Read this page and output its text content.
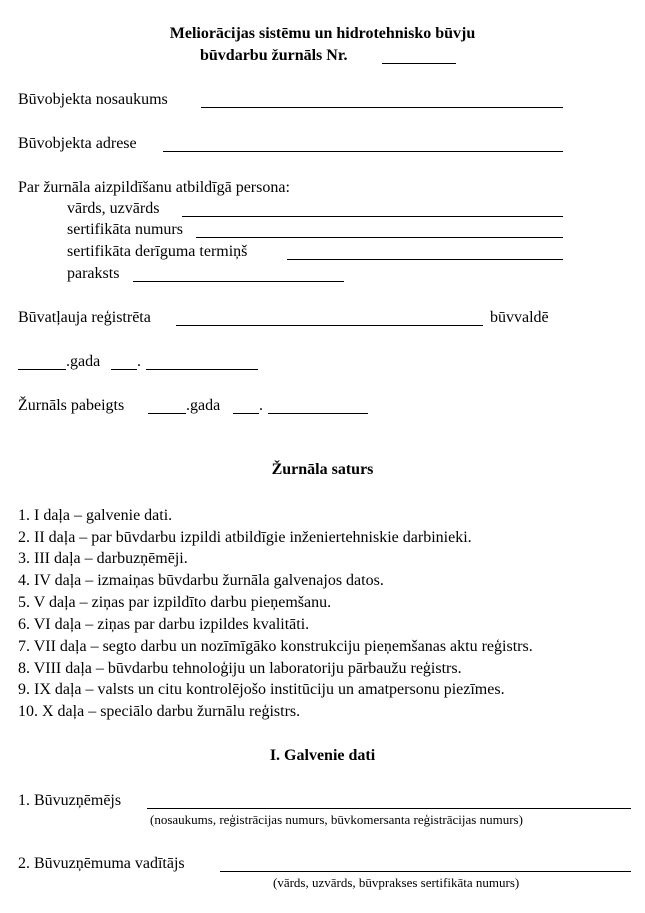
Meliorācijas sistēmu un hidrotehnisko būvju
būvdarbu žurnāls Nr.
Būvobjekta nosaukums
Būvobjekta adrese
Par žurnāla aizpildīšanu atbildīgā persona:
vārds, uzvārds
sertifikāta numurs
sertifikāta derīguma termiņš
paraksts
Būvatļauja reģistrēta	būvvaldē
.gada .
Žurnāls pabeigts	.gada .
Žurnāla saturs
1. I daļa – galvenie dati.
2. II daļa – par būvdarbu izpildi atbildīgie inženiertehniskie darbinieki.
3. III daļa – darbuzņēmēji.
4. IV daļa – izmaiņas būvdarbu žurnāla galvenajos datos.
5. V daļa – ziņas par izpildīto darbu pieņemšanu.
6. VI daļa – ziņas par darbu izpildes kvalitāti.
7. VII daļa – segto darbu un nozīmīgāko konstrukciju pieņemšanas aktu reģistrs.
8. VIII daļa – būvdarbu tehnoloģiju un laboratoriju pārbaužu reģistrs.
9. IX daļa – valsts un citu kontrolējošo institūciju un amatpersonu piezīmes.
10. X daļa – speciālo darbu žurnālu reģistrs.
I. Galvenie dati
1. Būvuzņēmējs
(nosaukums, reģistrācijas numurs, būvkomersanta reģistrācijas numurs)
2. Būvuzņēmuma vadītājs
(vārds, uzvārds, būvprakses sertifikāta numurs)
